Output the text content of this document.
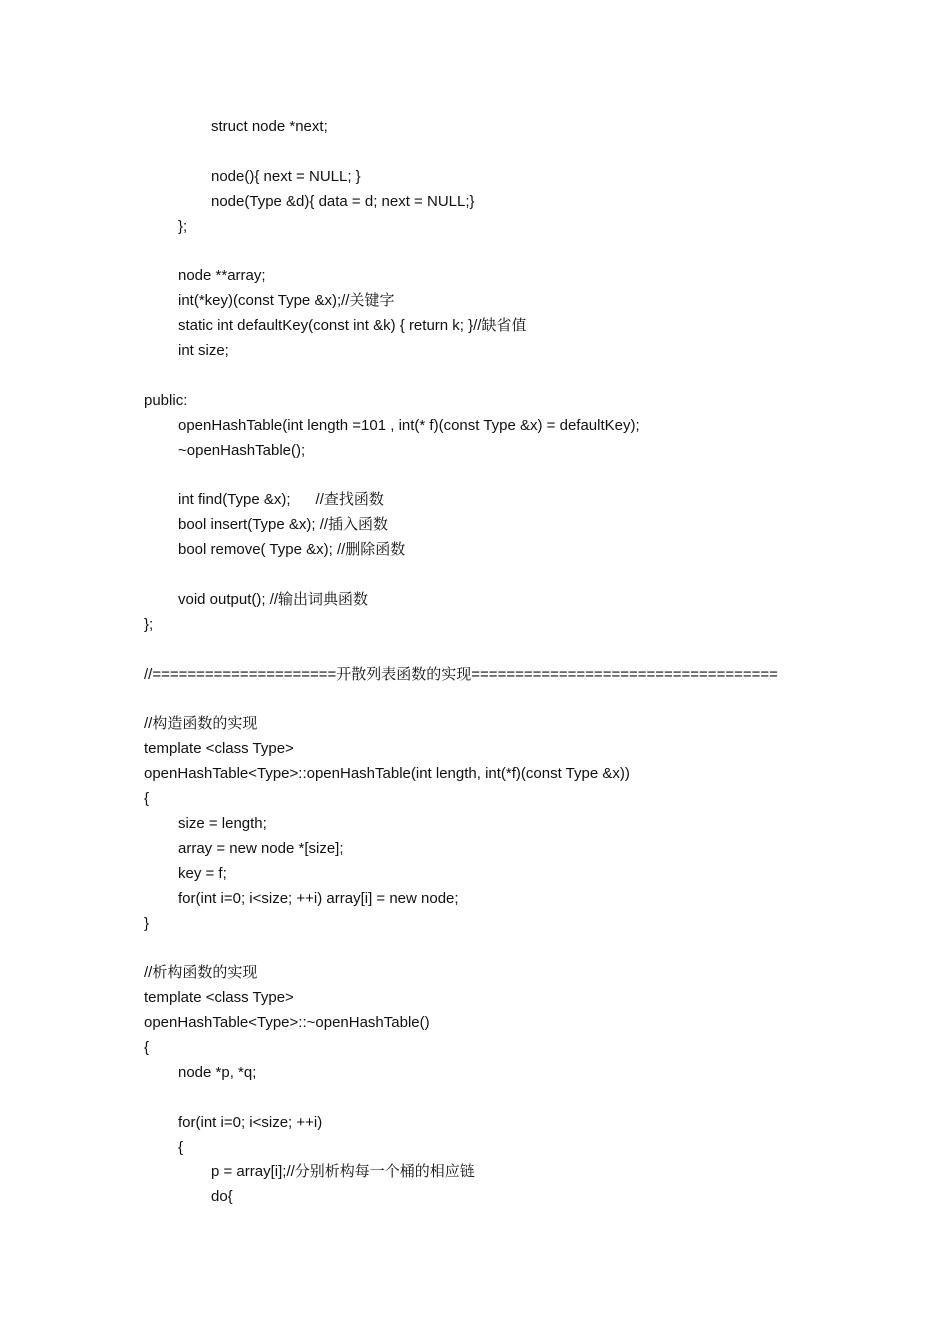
struct node *next;
node(){ next = NULL; }
node(Type &d){ data = d; next = NULL;}
};
node **array;
int(*key)(const Type &x);//关键字
static int defaultKey(const int &k) { return k; }//缺省值
int size;
public:
openHashTable(int length =101 , int(* f)(const Type &x) = defaultKey);
~openHashTable();
int find(Type &x);      //查找函数
bool insert(Type &x); //插入函数
bool remove( Type &x); //删除函数
void output(); //输出词典函数
};
//=====================开散列表函数的实现===================================
//构造函数的实现
template <class Type>
openHashTable<Type>::openHashTable(int length, int(*f)(const Type &x))
{
size = length;
array = new node *[size];
key = f;
for(int i=0; i<size; ++i) array[i] = new node;
}
//析构函数的实现
template <class Type>
openHashTable<Type>::~openHashTable()
{
node *p, *q;
for(int i=0; i<size; ++i)
{
p = array[i];//分别析构每一个桶的相应链
do{
